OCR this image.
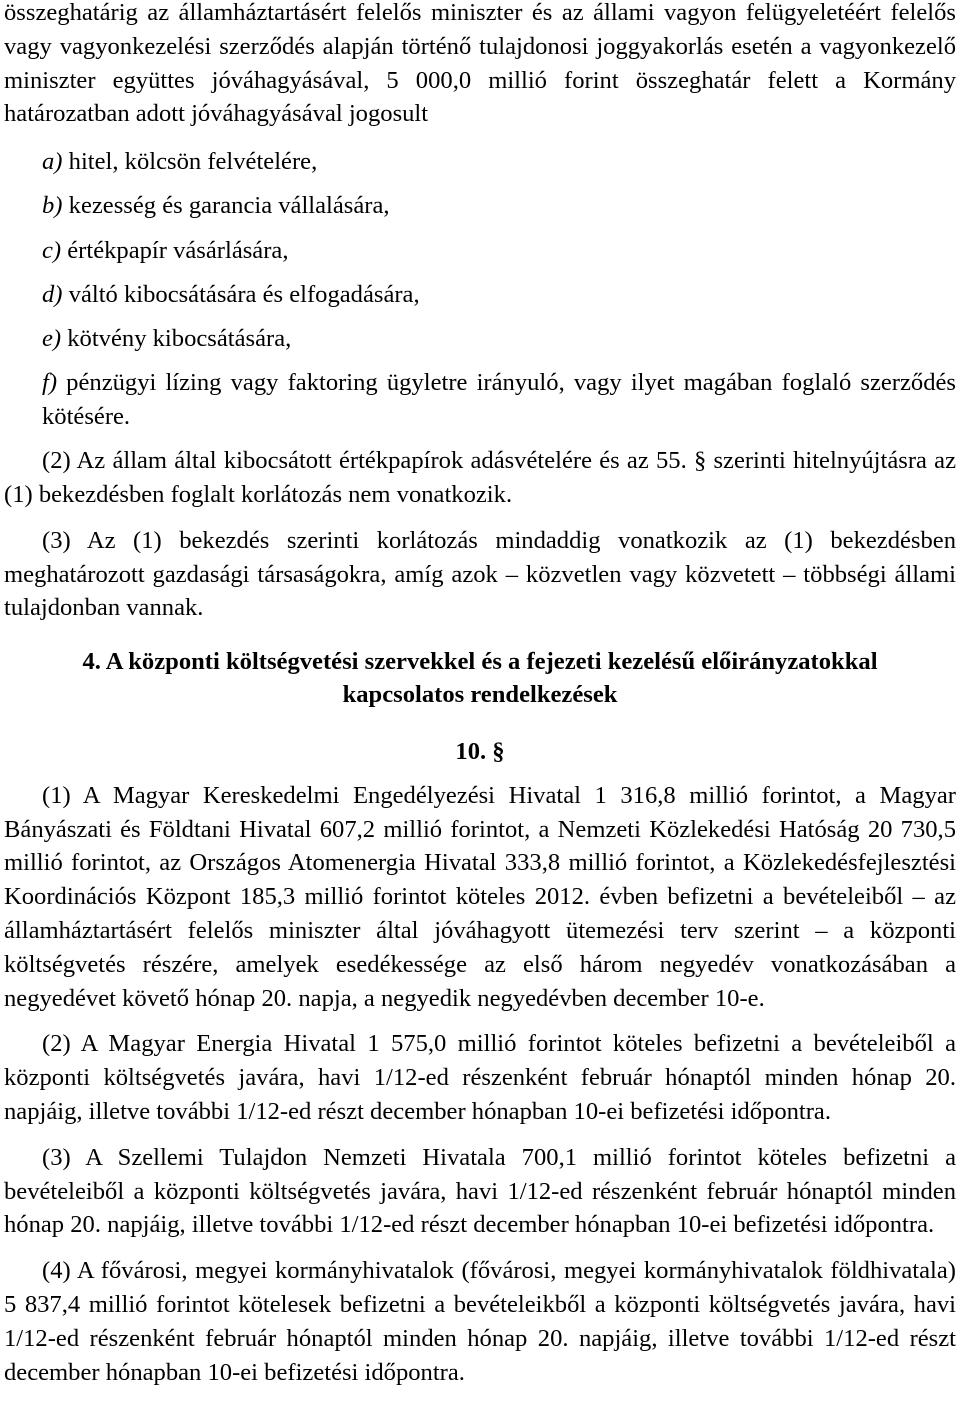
összeghatárig az államháztartásért felelős miniszter és az állami vagyon felügyeletéért felelős vagy vagyonkezelési szerződés alapján történő tulajdonosi joggyakorlás esetén a vagyonkezelő miniszter együttes jóváhagyásával, 5 000,0 millió forint összeghatár felett a Kormány határozatban adott jóváhagyásával jogosult

a) hitel, kölcsön felvételére,

b) kezesség és garancia vállalására,

c) értékpapír vásárlására,

d) váltó kibocsátására és elfogadására,

e) kötvény kibocsátására,

f) pénzügyi lízing vagy faktoring ügyletre irányuló, vagy ilyet magában foglaló szerződés kötésére.

(2) Az állam által kibocsátott értékpapírok adásvételére és az 55. § szerinti hitelnyújtásra az (1) bekezdésben foglalt korlátozás nem vonatkozik.

(3) Az (1) bekezdés szerinti korlátozás mindaddig vonatkozik az (1) bekezdésben meghatározott gazdasági társaságokra, amíg azok – közvetlen vagy közvetett – többségi állami tulajdonban vannak.

4. A központi költségvetési szervekkel és a fejezeti kezelésű előirányzatokkal
kapcsolatos rendelkezések
10. §

(1) A Magyar Kereskedelmi Engedélyezési Hivatal 1 316,8 millió forintot, a Magyar Bányászati és Földtani Hivatal 607,2 millió forintot, a Nemzeti Közlekedési Hatóság 20 730,5 millió forintot, az Országos Atomenergia Hivatal 333,8 millió forintot, a Közlekedésfejlesztési Koordinációs Központ 185,3 millió forintot köteles 2012. évben befizetni a bevételeiből – az államháztartásért felelős miniszter által jóváhagyott ütemezési terv szerint – a központi költségvetés részére, amelyek esedékessége az első három negyedév vonatkozásában a negyedévet követő hónap 20. napja, a negyedik negyedévben december 10-e.

(2) A Magyar Energia Hivatal 1 575,0 millió forintot köteles befizetni a bevételeiből a központi költségvetés javára, havi 1/12-ed részenként február hónaptól minden hónap 20. napjáig, illetve további 1/12-ed részt december hónapban 10-ei befizetési időpontra.

(3) A Szellemi Tulajdon Nemzeti Hivatala 700,1 millió forintot köteles befizetni a bevételeiből a központi költségvetés javára, havi 1/12-ed részenként február hónaptól minden hónap 20. napjáig, illetve további 1/12-ed részt december hónapban 10-ei befizetési időpontra.

(4) A fővárosi, megyei kormányhivatalok (fővárosi, megyei kormányhivatalok földhivatala) 5 837,4 millió forintot kötelesek befizetni a bevételeikből a központi költségvetés javára, havi 1/12-ed részenként február hónaptól minden hónap 20. napjáig, illetve további 1/12-ed részt december hónapban 10-ei befizetési időpontra.
